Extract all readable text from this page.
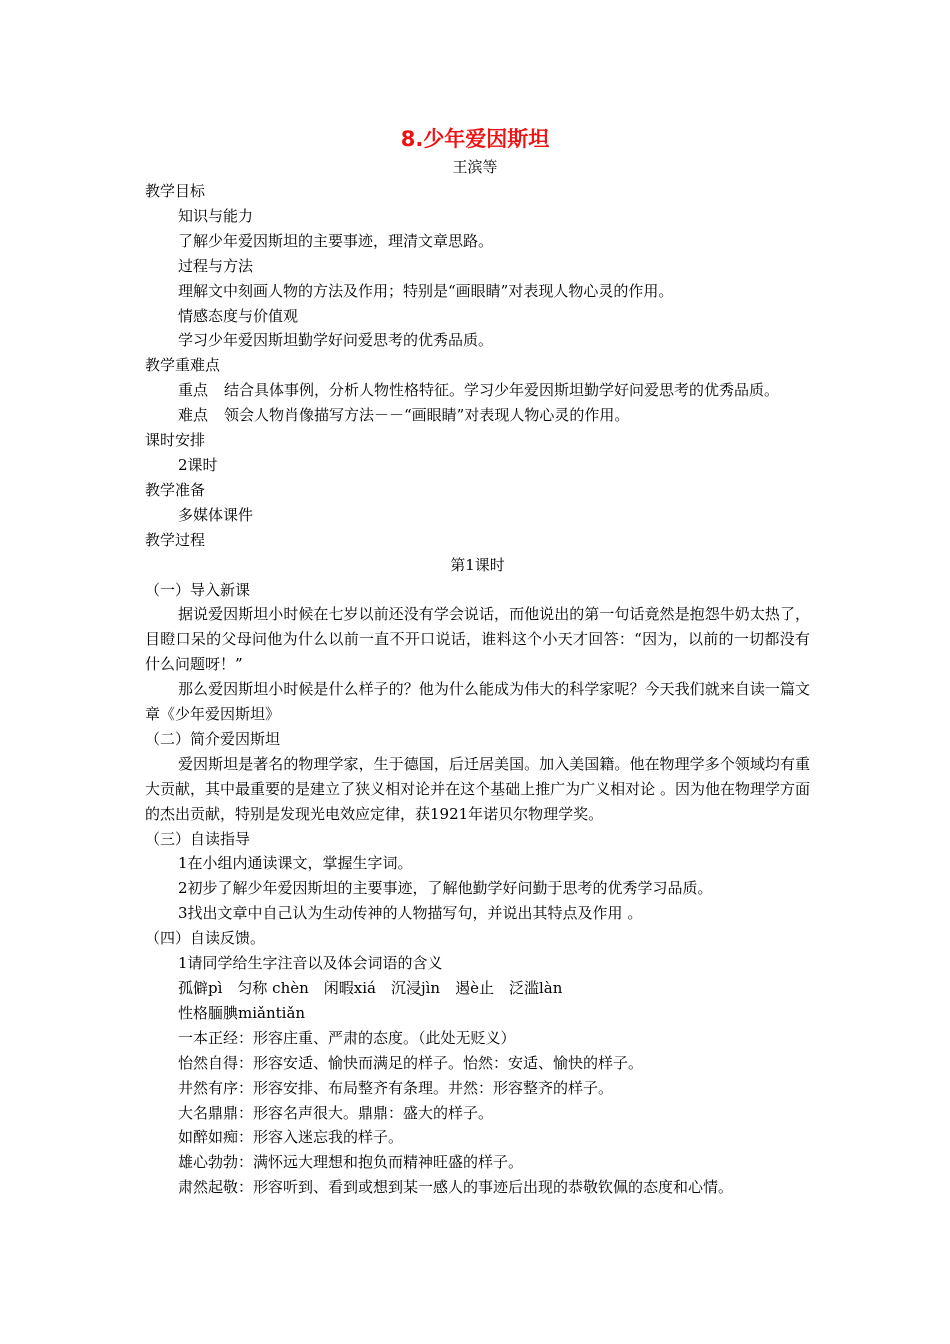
8.少年爱因斯坦
王滨等

教学目标

知识与能力

了解少年爱因斯坦的主要事迹，理清文章思路。

过程与方法

理解文中刻画人物的方法及作用；特别是“画眼睛”对表现人物心灵的作用。

情感态度与价值观

学习少年爱因斯坦勤学好问爱思考的优秀品质。

教学重难点

重点 结合具体事例，分析人物性格特征。学习少年爱因斯坦勤学好问爱思考的优秀品质。

难点 领会人物肖像描写方法－－“画眼睛”对表现人物心灵的作用。

课时安排

2课时

教学准备

多媒体课件

教学过程

第1课时

（一）导入新课

据说爱因斯坦小时候在七岁以前还没有学会说话，而他说出的第一句话竟然是抱怨牛奶太热了，目瞪口呆的父母问他为什么以前一直不开口说话，谁料这个小天才回答：“因为，以前的一切都没有什么问题呀！”

那么爱因斯坦小时候是什么样子的？他为什么能成为伟大的科学家呢？今天我们就来自读一篇文章《少年爱因斯坦》

（二）简介爱因斯坦

爱因斯坦是著名的物理学家，生于德国，后迁居美国。加入美国籍。他在物理学多个领域均有重大贡献，其中最重要的是建立了狭义相对论并在这个基础上推广为广义相对论 。因为他在物理学方面的杰出贡献，特别是发现光电效应定律，获1921年诺贝尔物理学奖。

（三）自读指导

1在小组内通读课文，掌握生字词。

2初步了解少年爱因斯坦的主要事迹，了解他勤学好问勤于思考的优秀学习品质。

3找出文章中自己认为生动传神的人物描写句，并说出其特点及作用 。

（四）自读反馈。

1请同学给生字注音以及体会词语的含义

孤僻pì　匀称 chèn　闲暇xiá　沉浸jìn　遏è止　泛滥làn

性格腼腆miǎntiǎn

一本正经：形容庄重、严肃的态度。（此处无贬义）

怡然自得：形容安适、愉快而满足的样子。怡然：安适、愉快的样子。

井然有序：形容安排、布局整齐有条理。井然：形容整齐的样子。

大名鼎鼎：形容名声很大。鼎鼎：盛大的样子。

如醉如痴：形容入迷忘我的样子。

雄心勃勃：满怀远大理想和抱负而精神旺盛的样子。

肃然起敬：形容听到、看到或想到某一感人的事迹后出现的恭敬钦佩的态度和心情。
